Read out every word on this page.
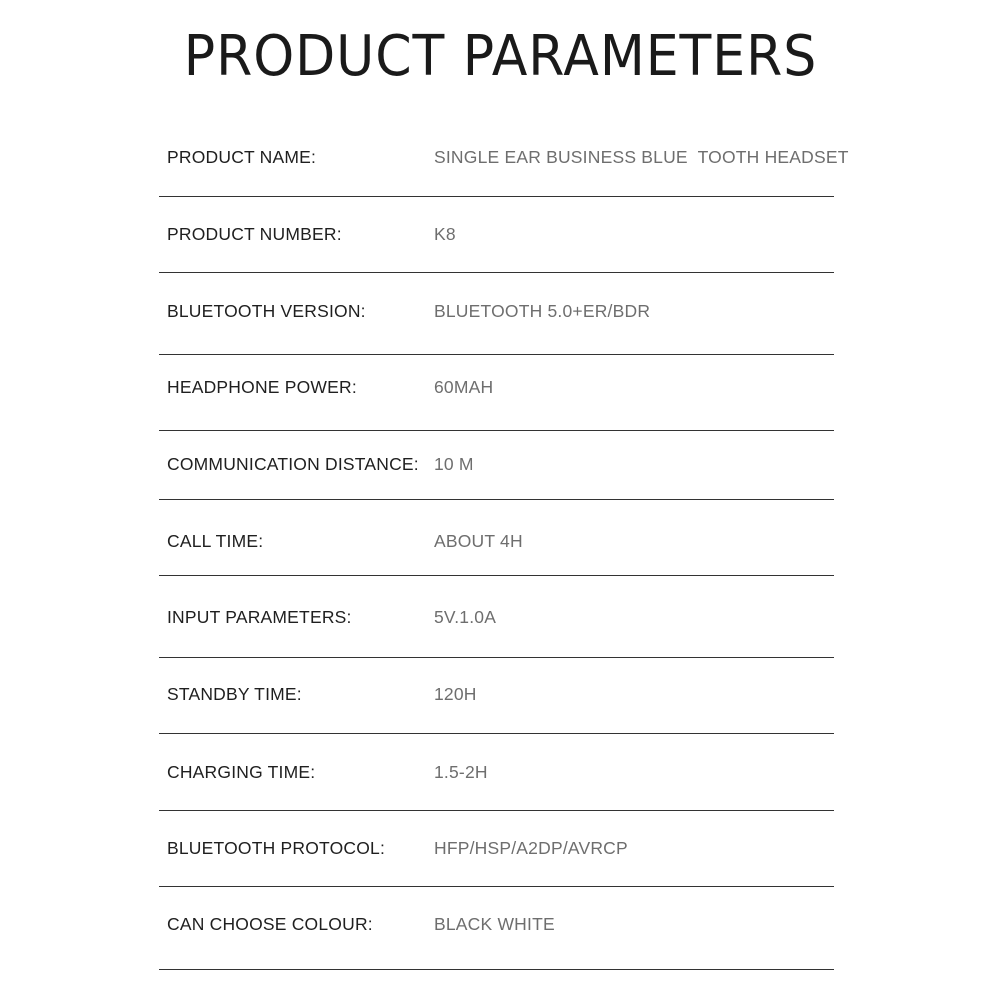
PRODUCT PARAMETERS
PRODUCT NAME:	SINGLE EAR BUSINESS BLUE  TOOTH HEADSET
PRODUCT NUMBER:	K8
BLUETOOTH VERSION:	BLUETOOTH 5.0+ER/BDR
HEADPHONE POWER:	60MAH
COMMUNICATION DISTANCE: 10 M
CALL TIME:	ABOUT 4H
INPUT PARAMETERS:	5V.1.0A
STANDBY TIME:	120H
CHARGING TIME:	1.5-2H
BLUETOOTH PROTOCOL:	HFP/HSP/A2DP/AVRCP
CAN CHOOSE COLOUR:	BLACK WHITE
